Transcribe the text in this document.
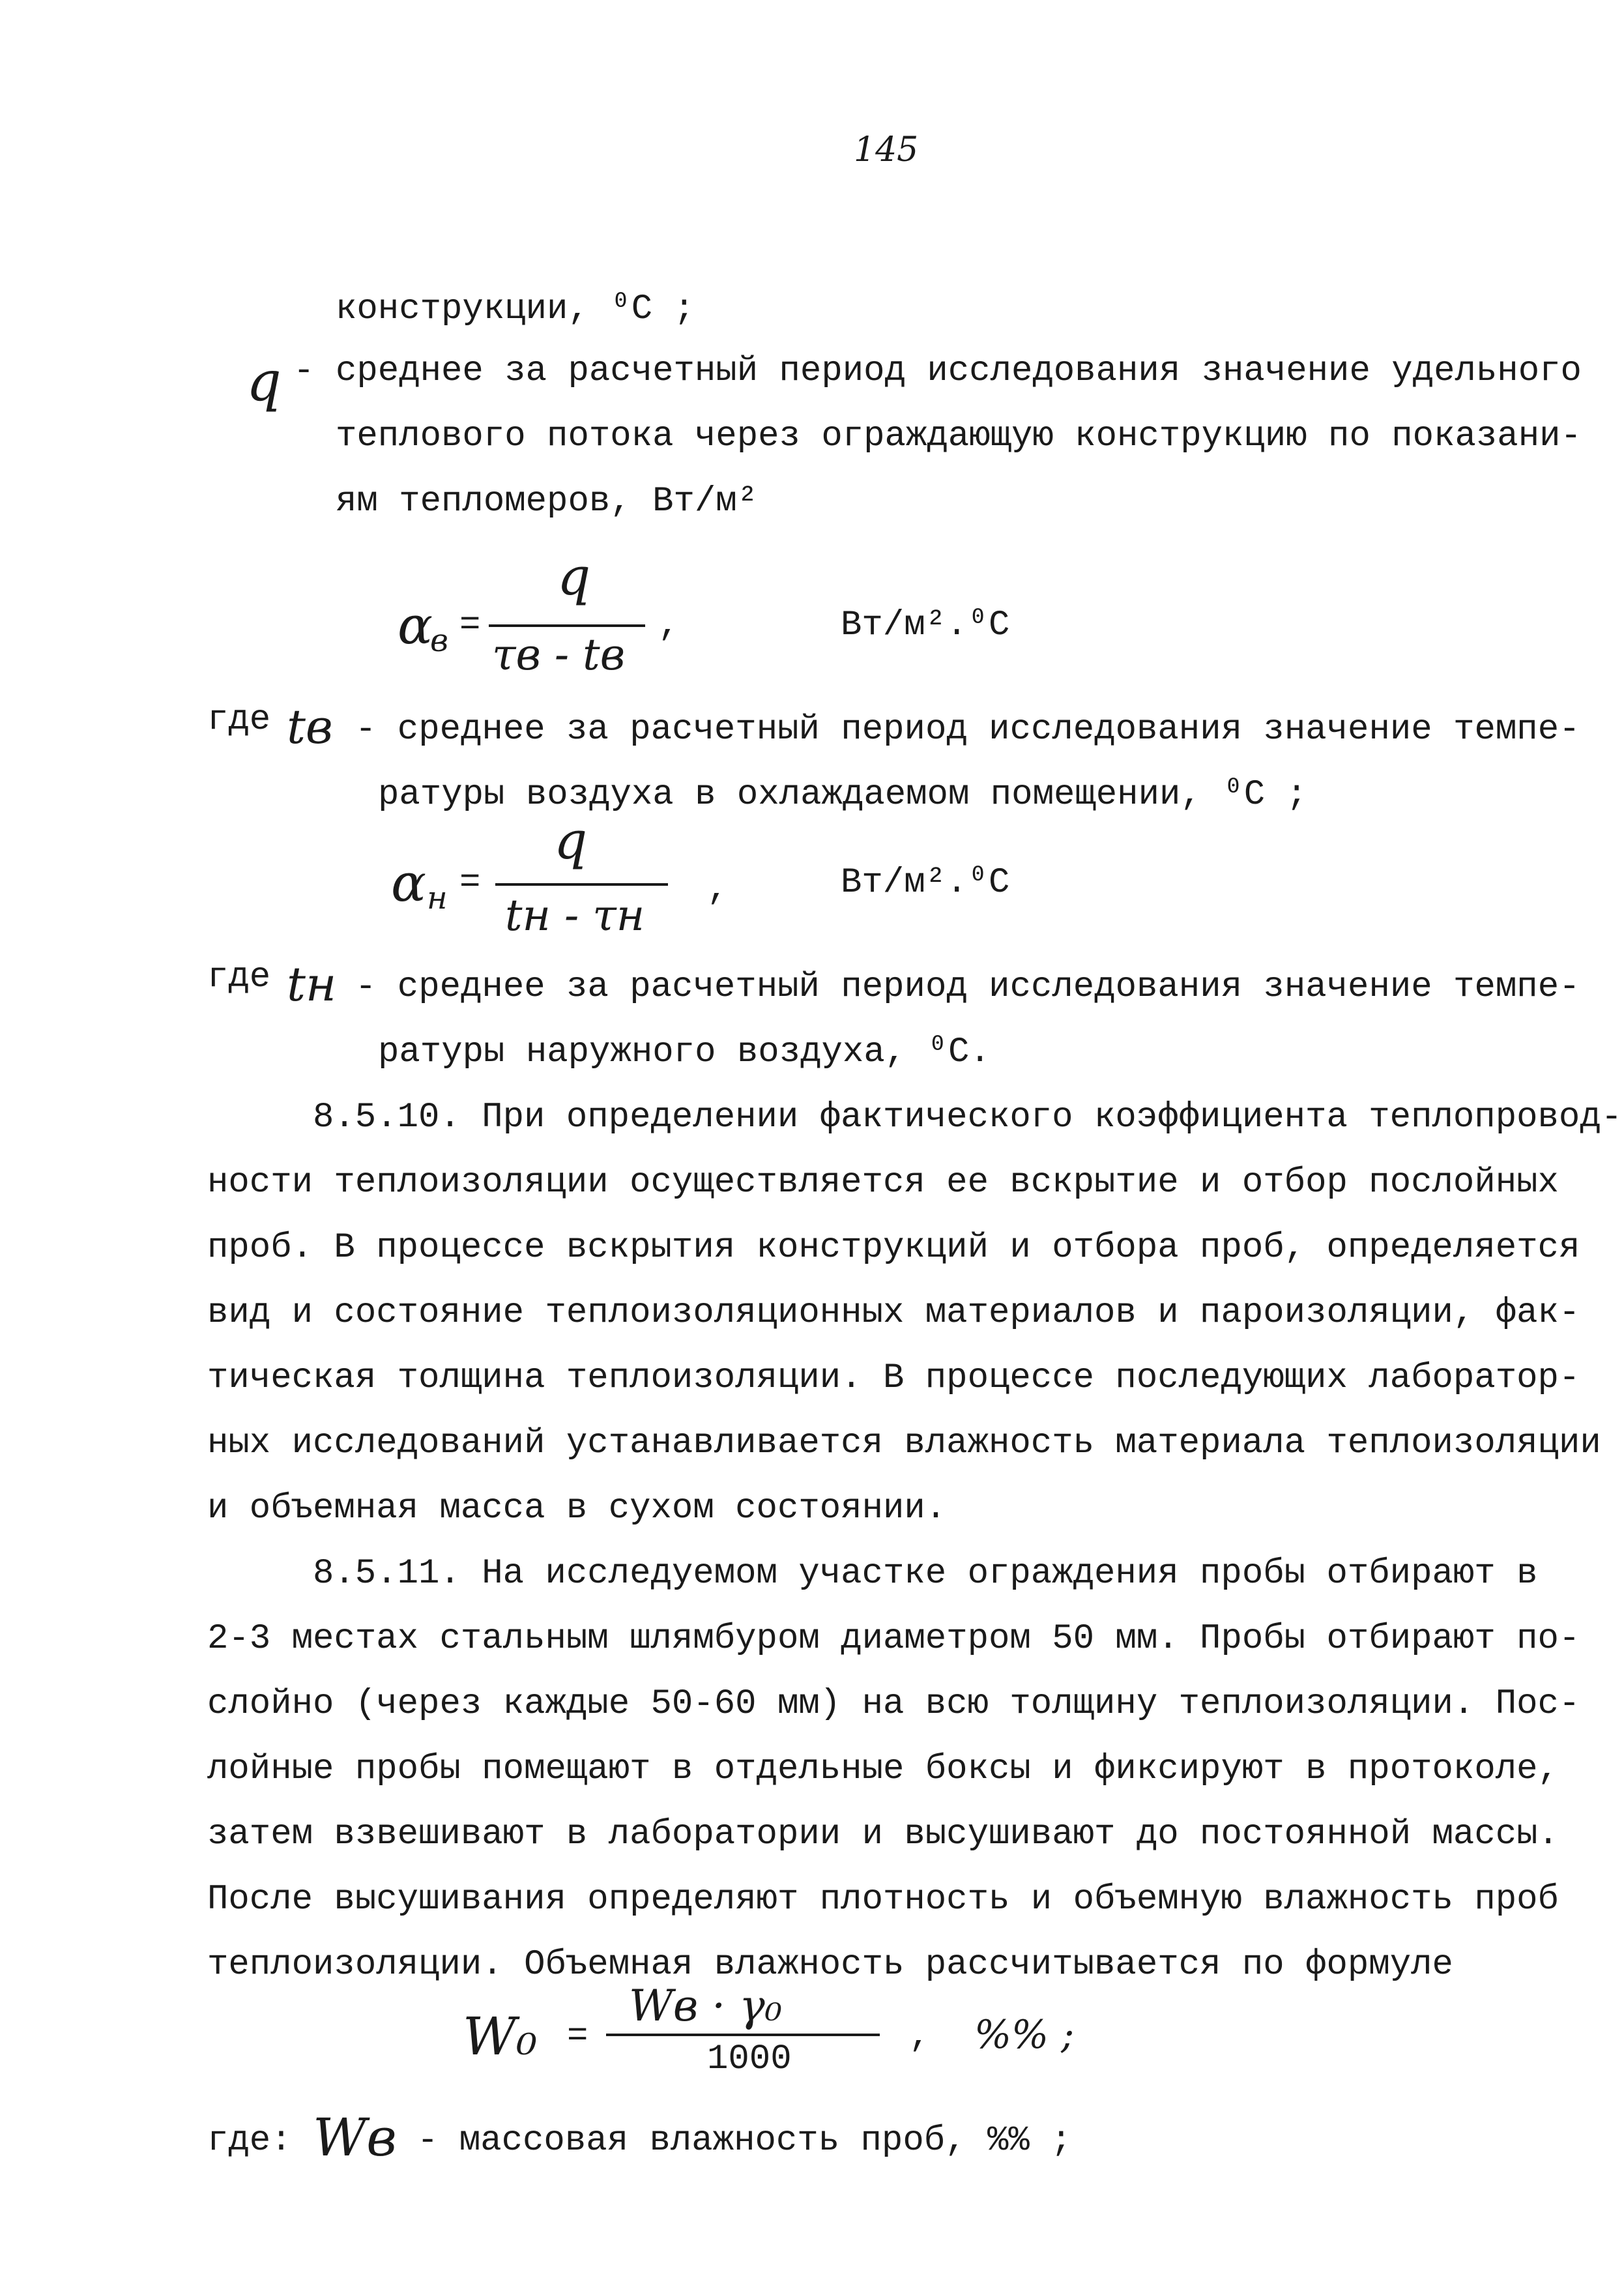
145
конструкции, ⁰С ;
q - среднее за расчетный период исследования значение удельного
теплового потока через ограждающую конструкцию по показани-
ям тепломеров, Вт/м²
α
в =
q
τв - tв
,	Вт/м².⁰С
где tв - среднее за расчетный период исследования значение темпе-
ратуры воздуха в охлаждаемом помещении, ⁰С ;
α н =
q
tн - τн
,	Вт/м².⁰С
где tн - среднее за расчетный период исследования значение темпе-
ратуры наружного воздуха, ⁰С.
8.5.10. При определении фактического коэффициента теплопровод-
ности теплоизоляции осуществляется ее вскрытие и отбор послойных
проб. В процессе вскрытия конструкций и отбора проб, определяется
вид и состояние теплоизоляционных материалов и пароизоляции, фак-
тическая толщина теплоизоляции. В процессе последующих лаборатор-
ных исследований устанавливается влажность материала теплоизоляции
и объемная масса в сухом состоянии.
8.5.11. На исследуемом участке ограждения пробы отбирают в
2-3 местах стальным шлямбуром диаметром 50 мм. Пробы отбирают по-
слойно (через каждые 50-60 мм) на всю толщину теплоизоляции. Пос-
лойные пробы помещают в отдельные боксы и фиксируют в протоколе,
затем взвешивают в лаборатории и высушивают до постоянной массы.
После высушивания определяют плотность и объемную влажность проб
теплоизоляции. Объемная влажность рассчитывается по формуле
W₀ =
Wв · γ₀
1000
, %% ;
где: Wв - массовая влажность проб, %% ;
